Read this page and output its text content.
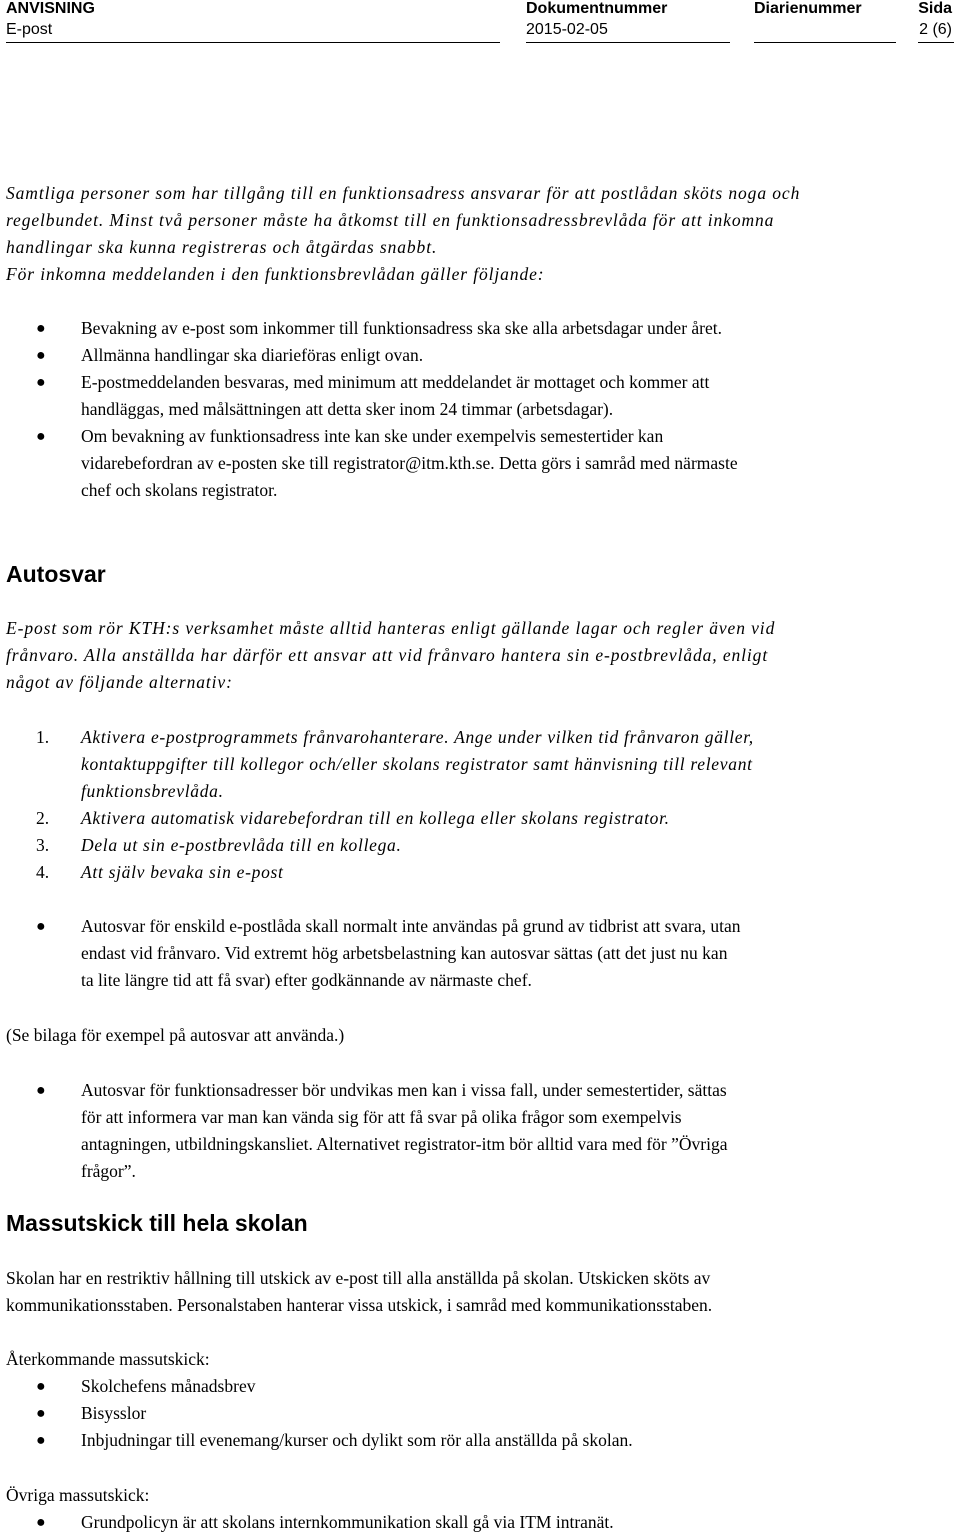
ANVISNING
E-post
Dokumentnummer
2015-02-05
Diarienummer	Sida
2 (6)
Samtliga personer som har tillgång till en funktionsadress ansvarar för att postlådan sköts noga och
regelbundet. Minst två personer måste ha åtkomst till en funktionsadressbrevlåda för att inkomna
handlingar ska kunna registreras och åtgärdas snabbt.
För inkomna meddelanden i den funktionsbrevlådan gäller följande:
● Bevakning av e-post som inkommer till funktionsadress ska ske alla arbetsdagar under året.
● Allmänna handlingar ska diarieföras enligt ovan.
● E-postmeddelanden besvaras, med minimum att meddelandet är mottaget och kommer att
handläggas, med målsättningen att detta sker inom 24 timmar (arbetsdagar).
● Om bevakning av funktionsadress inte kan ske under exempelvis semestertider kan
vidarebefordran av e-posten ske till registrator@itm.kth.se. Detta görs i samråd med närmaste
chef och skolans registrator.
Autosvar
E-post som rör KTH:s verksamhet måste alltid hanteras enligt gällande lagar och regler även vid
frånvaro. Alla anställda har därför ett ansvar att vid frånvaro hantera sin e-postbrevlåda, enligt
något av följande alternativ:
1. Aktivera e-postprogrammets frånvarohanterare. Ange under vilken tid frånvaron gäller,
kontaktuppgifter till kollegor och/eller skolans registrator samt hänvisning till relevant
funktionsbrevlåda.
2. Aktivera automatisk vidarebefordran till en kollega eller skolans registrator.
3. Dela ut sin e-postbrevlåda till en kollega.
4. Att själv bevaka sin e-post
● Autosvar för enskild e-postlåda skall normalt inte användas på grund av tidbrist att svara, utan
endast vid frånvaro. Vid extremt hög arbetsbelastning kan autosvar sättas (att det just nu kan
ta lite längre tid att få svar) efter godkännande av närmaste chef.
(Se bilaga för exempel på autosvar att använda.)
● Autosvar för funktionsadresser bör undvikas men kan i vissa fall, under semestertider, sättas
för att informera var man kan vända sig för att få svar på olika frågor som exempelvis
antagningen, utbildningskansliet. Alternativet registrator-itm bör alltid vara med för ”Övriga
frågor”.
Massutskick till hela skolan
Skolan har en restriktiv hållning till utskick av e-post till alla anställda på skolan. Utskicken sköts av
kommunikationsstaben. Personalstaben hanterar vissa utskick, i samråd med kommunikationsstaben.
Återkommande massutskick:
● Skolchefens månadsbrev
● Bisysslor
● Inbjudningar till evenemang/kurser och dylikt som rör alla anställda på skolan.
Övriga massutskick:
● Grundpolicyn är att skolans internkommunikation skall gå via ITM intranät.
